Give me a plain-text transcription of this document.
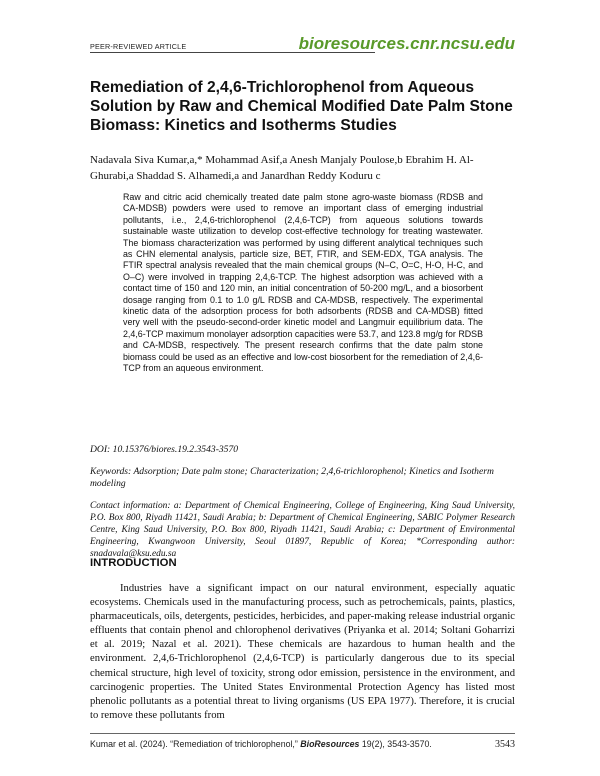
PEER-REVIEWED ARTICLE	bioresources.cnr.ncsu.edu
Remediation of 2,4,6-Trichlorophenol from Aqueous Solution by Raw and Chemical Modified Date Palm Stone Biomass: Kinetics and Isotherms Studies
Nadavala Siva Kumar,a,* Mohammad Asif,a Anesh Manjaly Poulose,b Ebrahim H. Al-Ghurabi,a Shaddad S. Alhamedi,a and Janardhan Reddy Koduru c
Raw and citric acid chemically treated date palm stone agro-waste biomass (RDSB and CA-MDSB) powders were used to remove an important class of emerging industrial pollutants, i.e., 2,4,6-trichlorophenol (2,4,6-TCP) from aqueous solutions towards sustainable waste utilization to develop cost-effective technology for treating wastewater. The biomass characterization was performed by using different analytical techniques such as CHN elemental analysis, particle size, BET, FTIR, and SEM-EDX, TGA analysis. The FTIR spectral analysis revealed that the main chemical groups (N–C, O=C, H-O, H-C, and O–C) were involved in trapping 2,4,6-TCP. The highest adsorption was achieved with a contact time of 150 and 120 min, an initial concentration of 50-200 mg/L, and a biosorbent dosage ranging from 0.1 to 1.0 g/L RDSB and CA-MDSB, respectively. The experimental kinetic data of the adsorption process for both adsorbents (RDSB and CA-MDSB) fitted very well with the pseudo-second-order kinetic model and Langmuir equilibrium data. The 2,4,6-TCP maximum monolayer adsorption capacities were 53.7, and 123.8 mg/g for RDSB and CA-MDSB, respectively. The present research confirms that the date palm stone biomass could be used as an effective and low-cost biosorbent for the remediation of 2,4,6-TCP from an aqueous environment.
DOI: 10.15376/biores.19.2.3543-3570
Keywords: Adsorption; Date palm stone; Characterization; 2,4,6-trichlorophenol; Kinetics and Isotherm modeling
Contact information: a: Department of Chemical Engineering, College of Engineering, King Saud University, P.O. Box 800, Riyadh 11421, Saudi Arabia; b: Department of Chemical Engineering, SABIC Polymer Research Centre, King Saud University, P.O. Box 800, Riyadh 11421, Saudi Arabia; c: Department of Environmental Engineering, Kwangwoon University, Seoul 01897, Republic of Korea; *Corresponding author: snadavala@ksu.edu.sa
INTRODUCTION

Industries have a significant impact on our natural environment, especially aquatic ecosystems. Chemicals used in the manufacturing process, such as petrochemicals, paints, plastics, pharmaceuticals, oils, detergents, pesticides, herbicides, and paper-making release industrial organic effluents that contain phenol and chlorophenol derivatives (Priyanka et al. 2014; Soltani Goharrizi et al. 2019; Nazal et al. 2021). These chemicals are hazardous to human health and the environment. 2,4,6-Trichlorophenol (2,4,6-TCP) is particularly dangerous due to its special chemical structure, high level of toxicity, strong odor emission, persistence in the environment, and carcinogenic properties. The United States Environmental Protection Agency has listed most phenolic pollutants as a potential threat to living organisms (US EPA 1977). Therefore, it is crucial to remove these pollutants from

Kumar et al. (2024). “Remediation of trichlorophenol,” BioResources 19(2), 3543-3570.	3543
